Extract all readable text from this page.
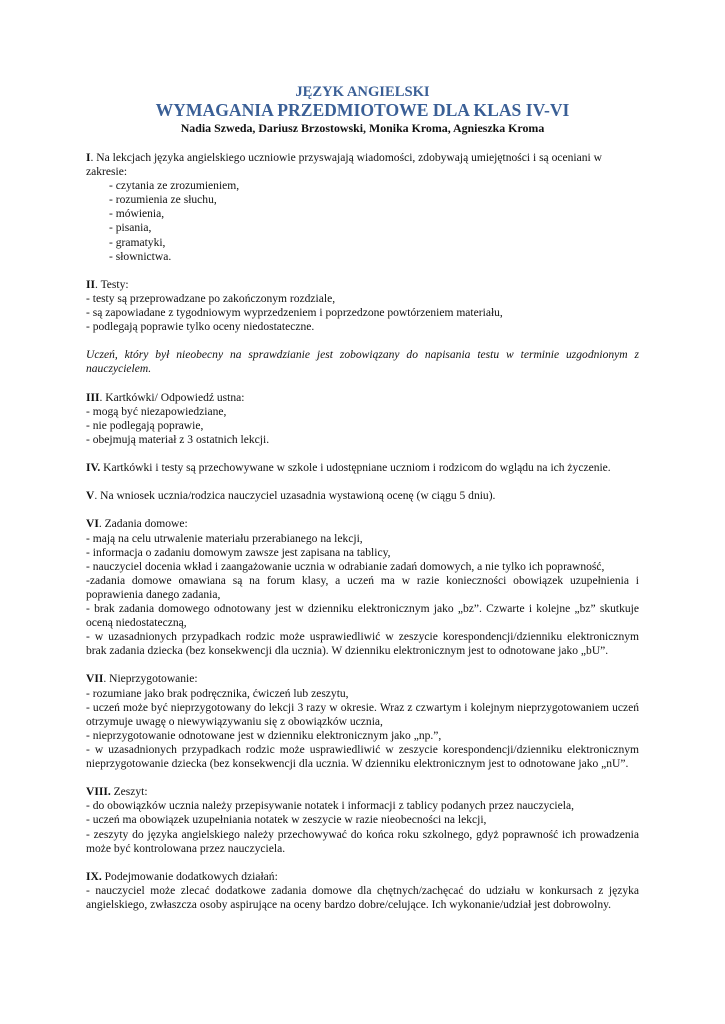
JĘZYK ANGIELSKI
WYMAGANIA PRZEDMIOTOWE DLA KLAS IV-VI
Nadia Szweda, Dariusz Brzostowski, Monika Kroma, Agnieszka Kroma

I. Na lekcjach języka angielskiego uczniowie przyswajają wiadomości, zdobywają umiejętności i są oceniani w zakresie:

- czytania ze zrozumieniem,

- rozumienia ze słuchu,

- mówienia,

- pisania,

- gramatyki,

- słownictwa.

II. Testy:

- testy są przeprowadzane po zakończonym rozdziale,

- są zapowiadane z tygodniowym wyprzedzeniem i poprzedzone powtórzeniem materiału,

- podlegają poprawie tylko oceny niedostateczne.

Uczeń, który był nieobecny na sprawdzianie jest zobowiązany do napisania testu w terminie uzgodnionym z nauczycielem.

III. Kartkówki/ Odpowiedź ustna:

- mogą być niezapowiedziane,

- nie podlegają poprawie,

- obejmują materiał z 3 ostatnich lekcji.

IV. Kartkówki i testy są przechowywane w szkole i udostępniane uczniom i rodzicom do wglądu na ich życzenie.

V. Na wniosek ucznia/rodzica nauczyciel uzasadnia wystawioną ocenę (w ciągu 5 dniu).

VI. Zadania domowe:

- mają na celu utrwalenie materiału przerabianego na lekcji,

- informacja o zadaniu domowym zawsze jest zapisana na tablicy,

- nauczyciel docenia wkład i zaangażowanie ucznia w odrabianie zadań domowych, a nie tylko ich poprawność,

-zadania domowe omawiana są na forum klasy, a uczeń ma w razie konieczności obowiązek uzupełnienia i poprawienia danego zadania,

- brak zadania domowego odnotowany jest w dzienniku elektronicznym jako „bz”. Czwarte i kolejne „bz” skutkuje oceną niedostateczną,

- w uzasadnionych przypadkach rodzic może usprawiedliwić w zeszycie korespondencji/dzienniku elektronicznym brak zadania dziecka (bez konsekwencji dla ucznia). W dzienniku elektronicznym jest to odnotowane jako „bU”.

VII. Nieprzygotowanie:

- rozumiane jako brak podręcznika, ćwiczeń lub zeszytu,

- uczeń może być nieprzygotowany do lekcji 3 razy w okresie. Wraz z czwartym i kolejnym nieprzygotowaniem uczeń otrzymuje uwagę o niewywiązywaniu się z obowiązków ucznia,

- nieprzygotowanie odnotowane jest w dzienniku elektronicznym jako „np.”,

- w uzasadnionych przypadkach rodzic może usprawiedliwić w zeszycie korespondencji/dzienniku elektronicznym nieprzygotowanie dziecka (bez konsekwencji dla ucznia. W dzienniku elektronicznym jest to odnotowane jako „nU”.

VIII. Zeszyt:

- do obowiązków ucznia należy przepisywanie notatek i informacji z tablicy podanych przez nauczyciela,

- uczeń ma obowiązek uzupełniania notatek w zeszycie w razie nieobecności na lekcji,

- zeszyty do języka angielskiego należy przechowywać do końca roku szkolnego, gdyż poprawność ich prowadzenia może być kontrolowana przez nauczyciela.

IX. Podejmowanie dodatkowych działań:

- nauczyciel może zlecać dodatkowe zadania domowe dla chętnych/zachęcać do udziału w konkursach z języka angielskiego, zwłaszcza osoby aspirujące na oceny bardzo dobre/celujące. Ich wykonanie/udział jest dobrowolny.
